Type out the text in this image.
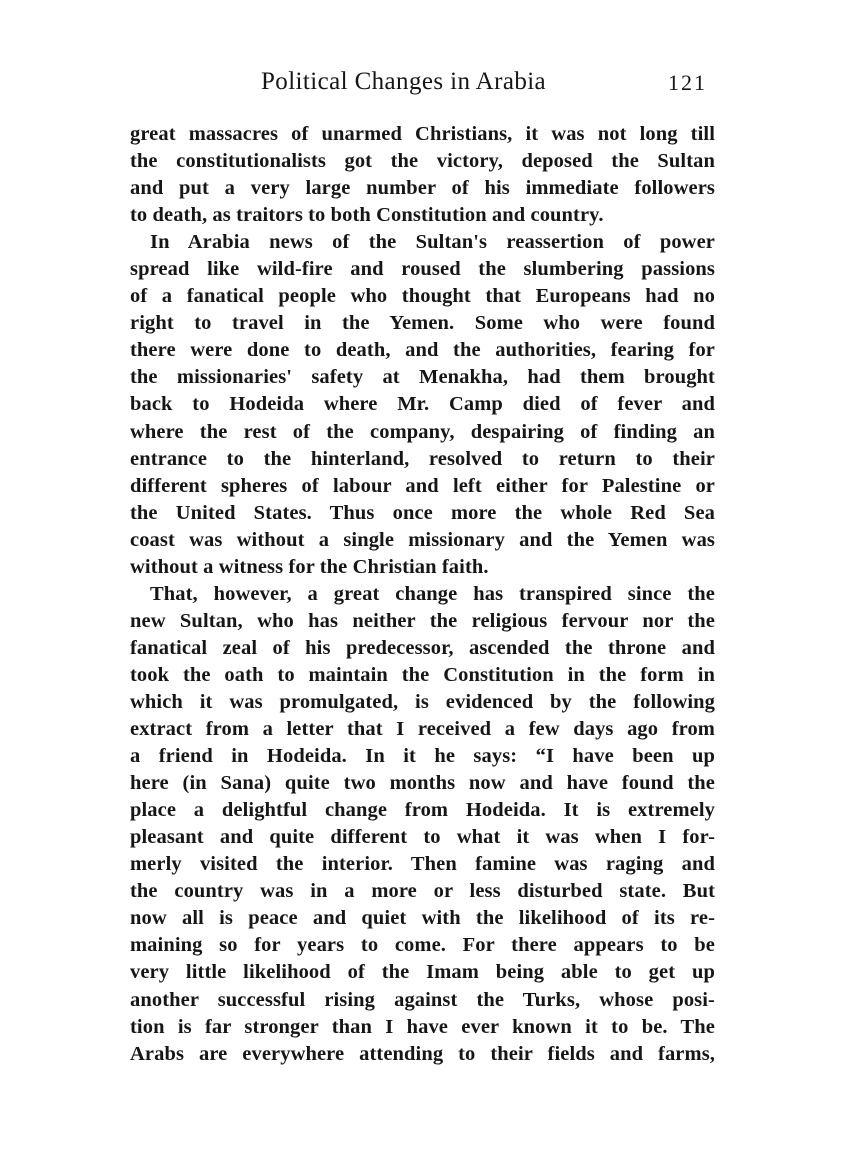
Political Changes in Arabia	121
great massacres of unarmed Christians, it was not long till
the constitutionalists got the victory, deposed the Sultan
and put a very large number of his immediate followers
to death, as traitors to both Constitution and country.
In Arabia news of the Sultan's reassertion of power
spread like wild-fire and roused the slumbering passions
of a fanatical people who thought that Europeans had no
right to travel in the Yemen. Some who were found
there were done to death, and the authorities, fearing for
the missionaries' safety at Menakha, had them brought
back to Hodeida where Mr. Camp died of fever and
where the rest of the company, despairing of finding an
entrance to the hinterland, resolved to return to their
different spheres of labour and left either for Palestine or
the United States. Thus once more the whole Red Sea
coast was without a single missionary and the Yemen was
without a witness for the Christian faith.
That, however, a great change has transpired since the
new Sultan, who has neither the religious fervour nor the
fanatical zeal of his predecessor, ascended the throne and
took the oath to maintain the Constitution in the form in
which it was promulgated, is evidenced by the following
extract from a letter that I received a few days ago from
a friend in Hodeida. In it he says: “I have been up
here (in Sana) quite two months now and have found the
place a delightful change from Hodeida. It is extremely
pleasant and quite different to what it was when I for-
merly visited the interior. Then famine was raging and
the country was in a more or less disturbed state. But
now all is peace and quiet with the likelihood of its re-
maining so for years to come. For there appears to be
very little likelihood of the Imam being able to get up
another successful rising against the Turks, whose posi-
tion is far stronger than I have ever known it to be. The
Arabs are everywhere attending to their fields and farms,
